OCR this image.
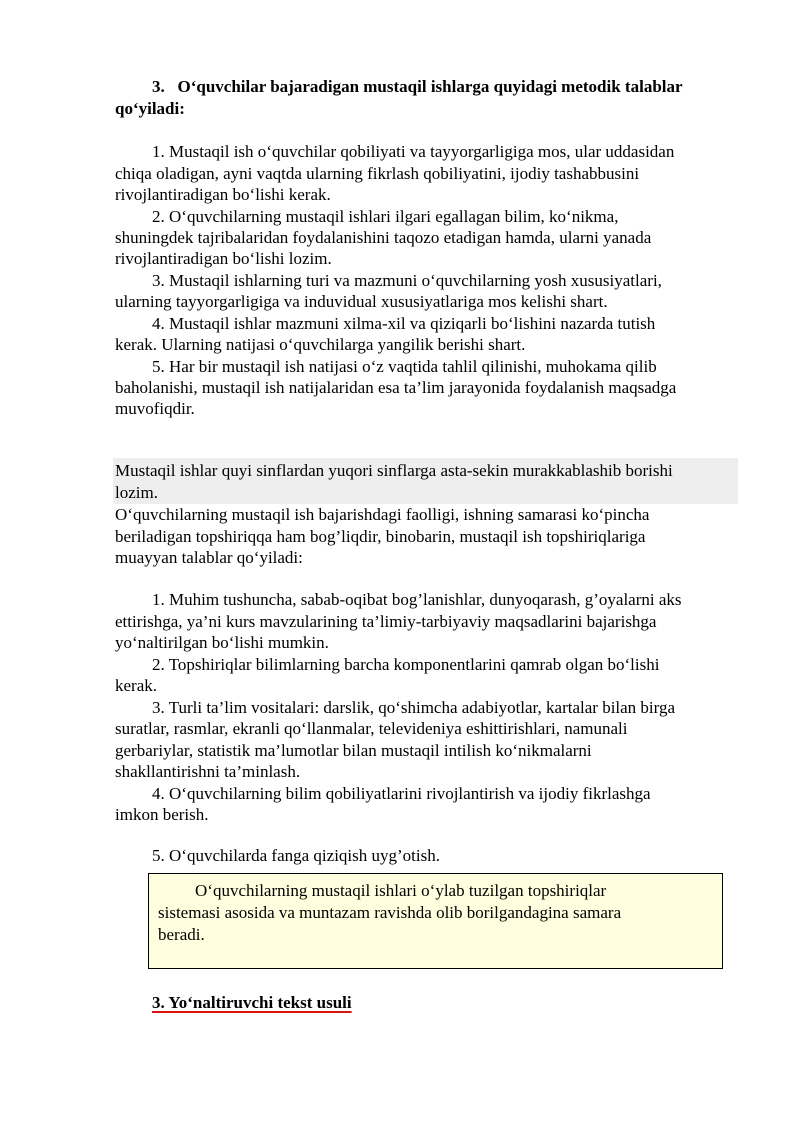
3. O‘quvchilar bajaradigan mustaqil ishlarga quyidagi metodik talablar
qo‘yiladi:
1. Mustaqil ish o‘quvchilar qobiliyati va tayyorgarligiga mos, ular uddasidan
chiqa oladigan, ayni vaqtda ularning fikrlash qobiliyatini, ijodiy tashabbusini
rivojlantiradigan bo‘lishi kerak.
2. O‘quvchilarning mustaqil ishlari ilgari egallagan bilim, ko‘nikma,
shuningdek tajribalaridan foydalanishini taqozo etadigan hamda, ularni yanada
rivojlantiradigan bo‘lishi lozim.
3. Mustaqil ishlarning turi va mazmuni o‘quvchilarning yosh xususiyatlari,
ularning tayyorgarligiga va induvidual xususiyatlariga mos kelishi shart.
4. Mustaqil ishlar mazmuni xilma-xil va qiziqarli bo‘lishini nazarda tutish
kerak. Ularning natijasi o‘quvchilarga yangilik berishi shart.
5. Har bir mustaqil ish natijasi o‘z vaqtida tahlil qilinishi, muhokama qilib
baholanishi, mustaqil ish natijalaridan esa ta’lim jarayonida foydalanish maqsadga
muvofiqdir.
Mustaqil ishlar quyi sinflardan yuqori sinflarga asta-sekin murakkablashib borishi
lozim.
O‘quvchilarning mustaqil ish bajarishdagi faolligi, ishning samarasi ko‘pincha
beriladigan topshiriqqa ham bog’liqdir, binobarin, mustaqil ish topshiriqlariga
muayyan talablar qo‘yiladi:
1. Muhim tushuncha, sabab-oqibat bog’lanishlar, dunyoqarash, g’oyalarni aks
ettirishga, ya’ni kurs mavzularining ta’limiy-tarbiyaviy maqsadlarini bajarishga
yo‘naltirilgan bo‘lishi mumkin.
2. Topshiriqlar bilimlarning barcha komponentlarini qamrab olgan bo‘lishi
kerak.
3. Turli ta’lim vositalari: darslik, qo‘shimcha adabiyotlar, kartalar bilan birga
suratlar, rasmlar, ekranli qo‘llanmalar, televideniya eshittirishlari, namunali
gerbariylar, statistik ma’lumotlar bilan mustaqil intilish ko‘nikmalarni
shakllantirishni ta’minlash.
4. O‘quvchilarning bilim qobiliyatlarini rivojlantirish va ijodiy fikrlashga
imkon berish.
5. O‘quvchilarda fanga qiziqish uyg’otish.
O‘quvchilarning mustaqil ishlari o‘ylab tuzilgan topshiriqlar
sistemasi asosida va muntazam ravishda olib borilgandagina samara
beradi.
3. Yo‘naltiruvchi tekst usuli
